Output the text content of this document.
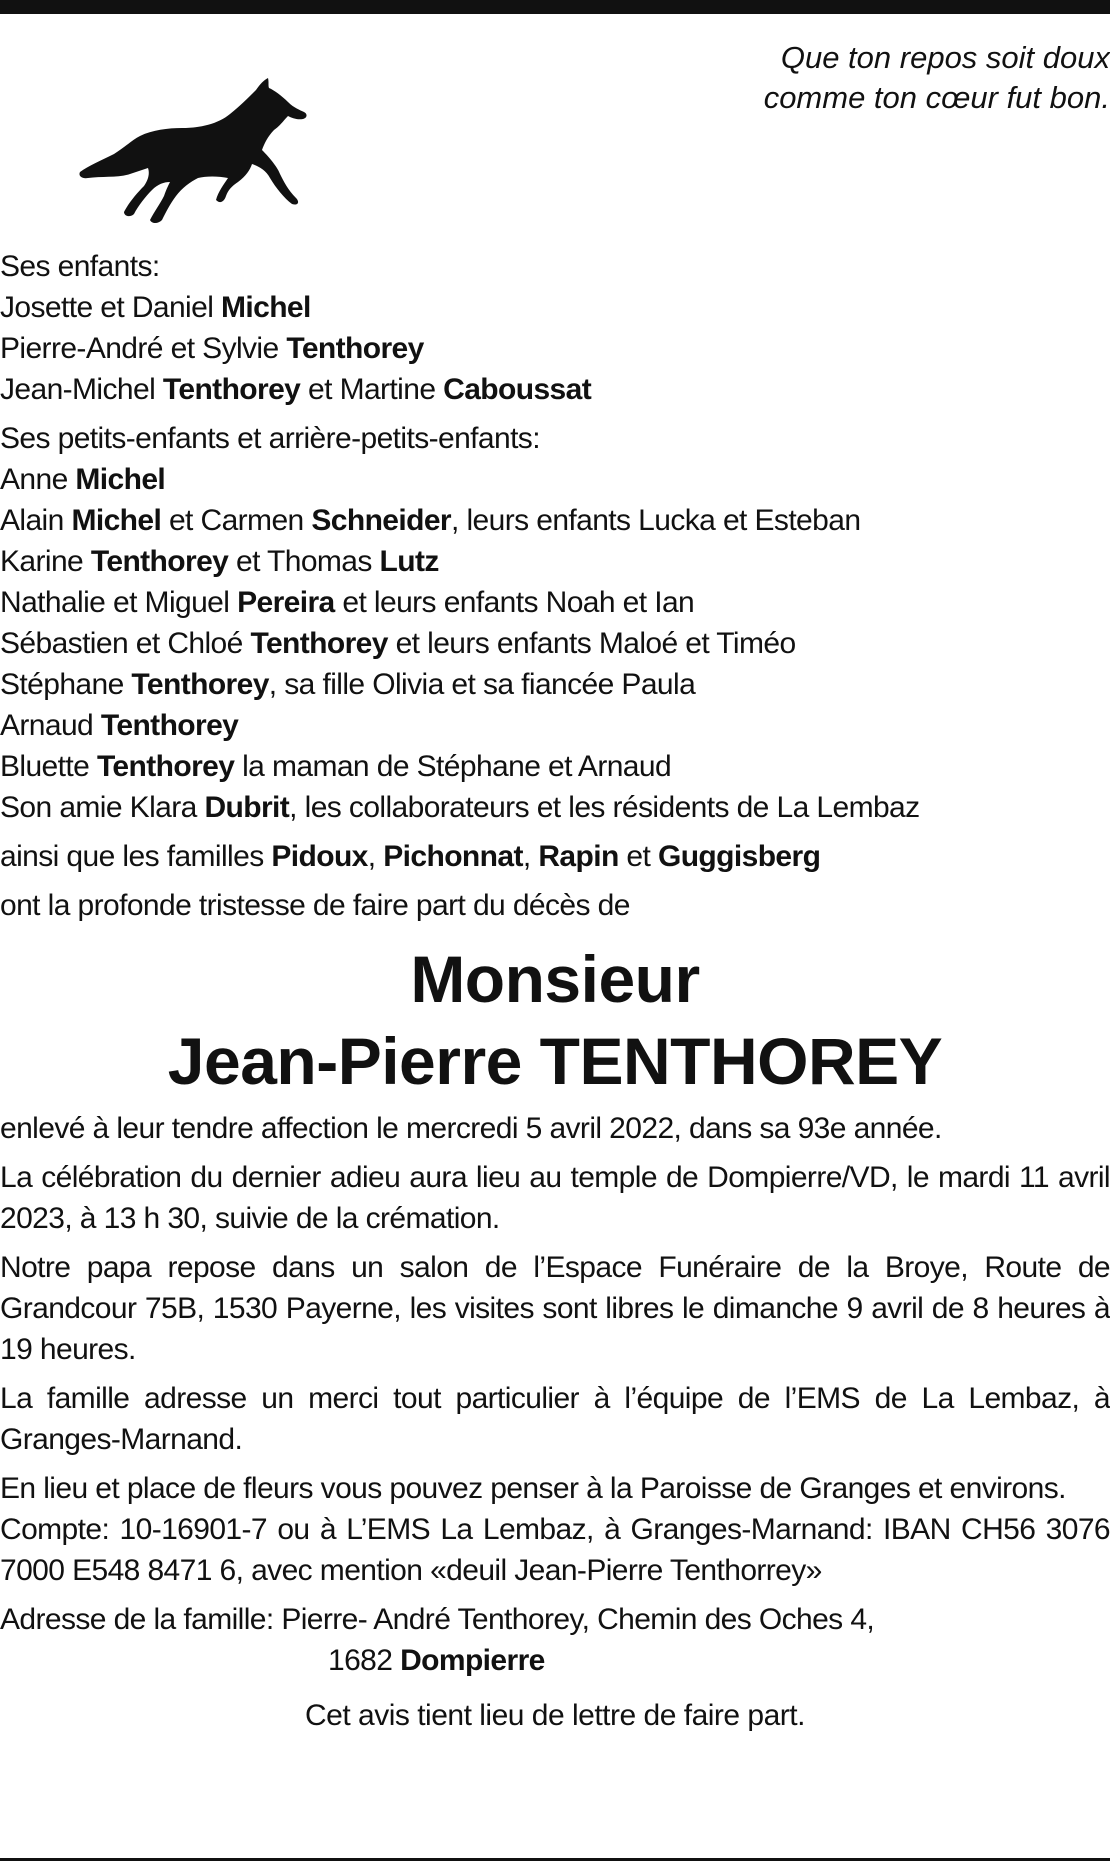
Que ton repos soit doux
comme ton cœur fut bon.
Ses enfants:
Josette et Daniel Michel
Pierre-André et Sylvie Tenthorey
Jean-Michel Tenthorey et Martine Caboussat
Ses petits-enfants et arrière-petits-enfants:
Anne Michel
Alain Michel et Carmen Schneider, leurs enfants Lucka et Esteban
Karine Tenthorey et Thomas Lutz
Nathalie et Miguel Pereira et leurs enfants Noah et Ian
Sébastien et Chloé Tenthorey et leurs enfants Maloé et Timéo
Stéphane Tenthorey, sa fille Olivia et sa fiancée Paula
Arnaud Tenthorey
Bluette Tenthorey la maman de Stéphane et Arnaud
Son amie Klara Dubrit, les collaborateurs et les résidents de La Lembaz
ainsi que les familles Pidoux, Pichonnat, Rapin et Guggisberg
ont la profonde tristesse de faire part du décès de
Monsieur
Jean-Pierre TENTHOREY
enlevé à leur tendre affection le mercredi 5 avril 2022, dans sa 93e année.
La célébration du dernier adieu aura lieu au temple de Dompierre/VD, le mardi 11 avril 2023, à 13 h 30, suivie de la crémation.
Notre papa repose dans un salon de l’Espace Funéraire de la Broye, Route de Grandcour 75B, 1530 Payerne, les visites sont libres le dimanche 9 avril de 8 heures à 19 heures.
La famille adresse un merci tout particulier à l’équipe de l’EMS de La Lembaz, à Granges-Marnand.
En lieu et place de fleurs vous pouvez penser à la Paroisse de Granges et environs.
Compte: 10-16901-7 ou à L’EMS La Lembaz, à Granges-Marnand: IBAN CH56 3076 7000 E548 8471 6, avec mention «deuil Jean-Pierre Tenthorrey»
Adresse de la famille: Pierre- André Tenthorey, Chemin des Oches 4,
1682 Dompierre
Cet avis tient lieu de lettre de faire part.
